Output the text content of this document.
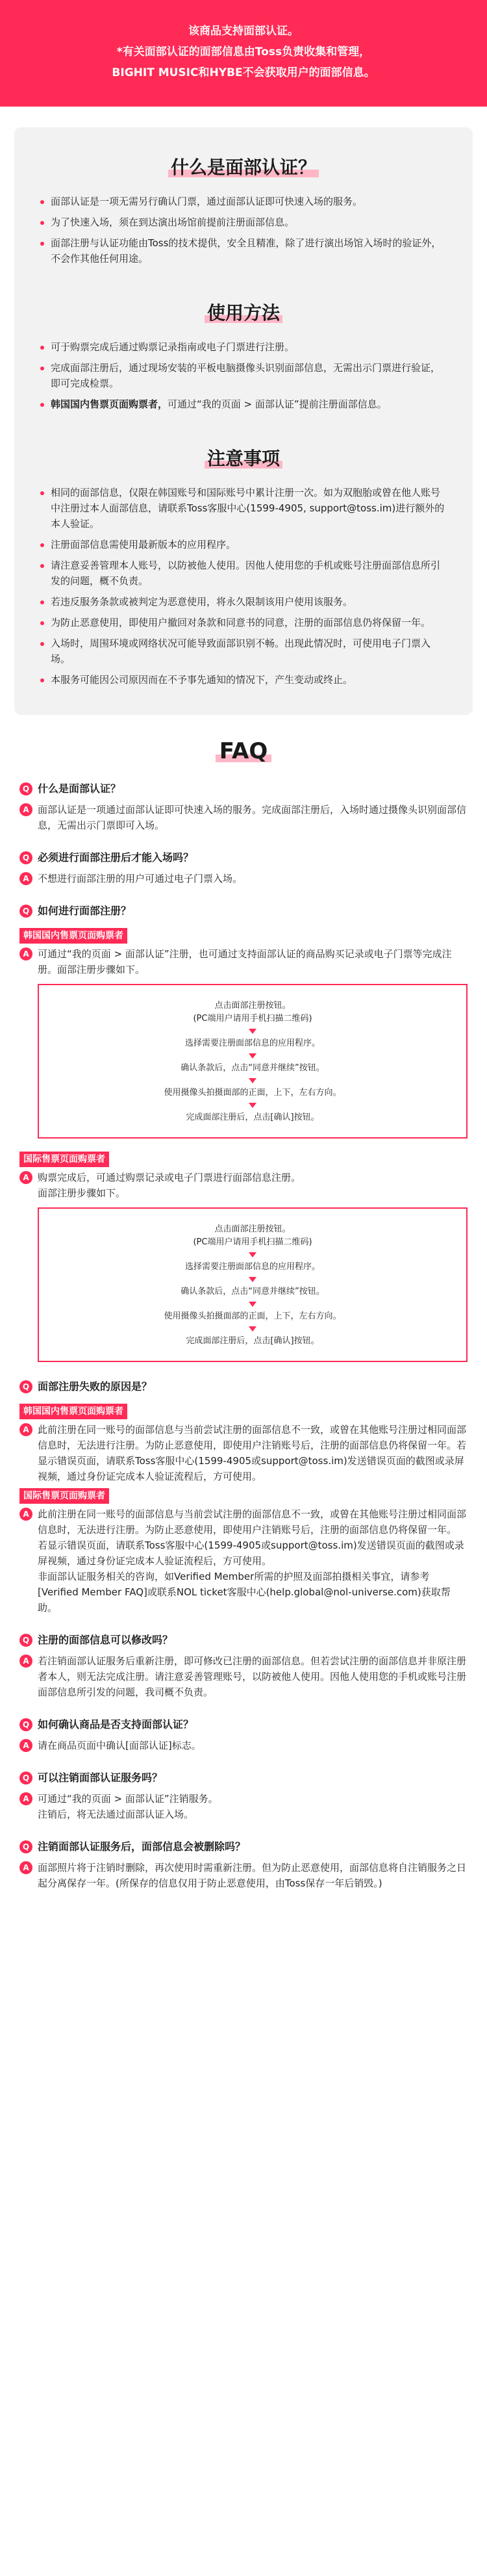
该商品支持面部认证。
*有关面部认证的面部信息由Toss负责收集和管理，
BIGHIT MUSIC和HYBE不会获取用户的面部信息。
什么是面部认证？
面部认证是一项无需另行确认门票，通过面部认证即可快速入场的服务。
为了快速入场，须在到达演出场馆前提前注册面部信息。
面部注册与认证功能由Toss的技术提供，安全且精准，除了进行演出场馆入场时的验证外，不会作其他任何用途。
使用方法
可于购票完成后通过购票记录指南或电子门票进行注册。
完成面部注册后，通过现场安装的平板电脑摄像头识别面部信息，无需出示门票进行验证，即可完成检票。
韩国国内售票页面购票者，可通过“我的页面 > 面部认证”提前注册面部信息。
注意事项
相同的面部信息，仅限在韩国账号和国际账号中累计注册一次。如为双胞胎或曾在他人账号中注册过本人面部信息，请联系Toss客服中心(1599-4905, support@toss.im)进行额外的本人验证。
注册面部信息需使用最新版本的应用程序。
请注意妥善管理本人账号，以防被他人使用。因他人使用您的手机或账号注册面部信息所引发的问题，概不负责。
若违反服务条款或被判定为恶意使用，将永久限制该用户使用该服务。
为防止恶意使用，即使用户撤回对条款和同意书的同意，注册的面部信息仍将保留一年。
入场时，周围环境或网络状况可能导致面部识别不畅。出现此情况时，可使用电子门票入场。
本服务可能因公司原因而在不予事先通知的情况下，产生变动或终止。
FAQ
Q 什么是面部认证？
A 面部认证是一项通过面部认证即可快速入场的服务。完成面部注册后，入场时通过摄像头识别面部信息，无需出示门票即可入场。
Q 必须进行面部注册后才能入场吗？
A 不想进行面部注册的用户可通过电子门票入场。
Q 如何进行面部注册？
韩国国内售票页面购票者
A 可通过“我的页面 > 面部认证”注册，也可通过支持面部认证的商品购买记录或电子门票等完成注册。面部注册步骤如下。
点击面部注册按钮。
(PC端用户请用手机扫描二维码)
选择需要注册面部信息的应用程序。
确认条款后，点击“同意并继续”按钮。
使用摄像头拍摄面部的正面，上下，左右方向。
完成面部注册后，点击[确认]按钮。
国际售票页面购票者
A 购票完成后，可通过购票记录或电子门票进行面部信息注册。
面部注册步骤如下。
点击面部注册按钮。
(PC端用户请用手机扫描二维码)
选择需要注册面部信息的应用程序。
确认条款后，点击“同意并继续”按钮。
使用摄像头拍摄面部的正面，上下，左右方向。
完成面部注册后，点击[确认]按钮。
Q 面部注册失败的原因是？
韩国国内售票页面购票者
A 此前注册在同一账号的面部信息与当前尝试注册的面部信息不一致，或曾在其他账号注册过相同面部信息时，无法进行注册。为防止恶意使用，即使用户注销账号后，注册的面部信息仍将保留一年。若显示错误页面，请联系Toss客服中心(1599-4905或support@toss.im)发送错误页面的截图或录屏视频，通过身份证完成本人验证流程后，方可使用。
国际售票页面购票者
A 此前注册在同一账号的面部信息与当前尝试注册的面部信息不一致，或曾在其他账号注册过相同面部信息时，无法进行注册。为防止恶意使用，即使用户注销账号后，注册的面部信息仍将保留一年。
若显示错误页面，请联系Toss客服中心(1599-4905或support@toss.im)发送错误页面的截图或录屏视频，通过身份证完成本人验证流程后，方可使用。
非面部认证服务相关的咨询，如Verified Member所需的护照及面部拍摄相关事宜，请参考[Verified Member FAQ]或联系NOL ticket客服中心(help.global@nol-universe.com)获取帮助。
Q 注册的面部信息可以修改吗？
A 若注销面部认证服务后重新注册，即可修改已注册的面部信息。但若尝试注册的面部信息并非原注册者本人，则无法完成注册。请注意妥善管理账号，以防被他人使用。因他人使用您的手机或账号注册面部信息所引发的问题，我司概不负责。
Q 如何确认商品是否支持面部认证？
A 请在商品页面中确认[面部认证]标志。
Q 可以注销面部认证服务吗？
A 可通过“我的页面 > 面部认证”注销服务。
注销后，将无法通过面部认证入场。
Q 注销面部认证服务后，面部信息会被删除吗？
A 面部照片将于注销时删除，再次使用时需重新注册。但为防止恶意使用，面部信息将自注销服务之日起分离保存一年。(所保存的信息仅用于防止恶意使用，由Toss保存一年后销毁。)
